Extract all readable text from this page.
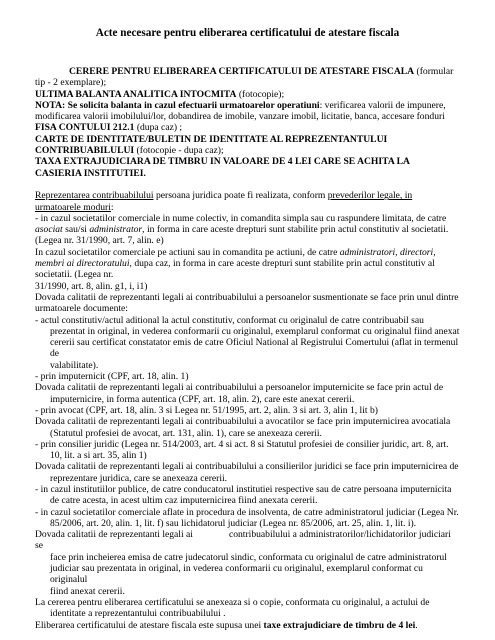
Acte necesare pentru eliberarea certificatului de atestare fiscala

CERERE PENTRU ELIBERAREA CERTIFICATULUI DE ATESTARE FISCALA (formular

tip - 2 exemplare);

ULTIMA BALANTA ANALITICA INTOCMITA (fotocopie);

NOTA: Se solicita balanta in cazul efectuarii urmatoarelor operatiuni: verificarea valorii de impunere,

modificarea valorii imobilului/lor, dobandirea de imobile, vanzare imobil, licitatie, banca, accesare fonduri

FISA CONTULUI 212.1 (dupa caz) ;

CARTE DE IDENTITATE/BULETIN DE IDENTITATE AL REPREZENTANTULUI

CONTRIBUABILULUI (fotocopie - dupa caz);

TAXA EXTRAJUDICIARA DE TIMBRU IN VALOARE DE 4 LEI CARE SE ACHITA LA

CASIERIA INSTITUTIEI.

Reprezentarea contribuabilului persoana juridica poate fi realizata, conform prevederilor legale, in

urmatoarele moduri:

- in cazul societatilor comerciale in nume colectiv, in comandita simpla sau cu raspundere limitata, de catre

asociat sau/si administrator, in forma in care aceste drepturi sunt stabilite prin actul constitutiv al societatii.

(Legea nr. 31/1990, art. 7, alin. e)

In cazul societatilor comerciale pe actiuni sau in comandita pe actiuni, de catre administratori, directori,

membri ai directoratului, dupa caz, in forma in care aceste drepturi sunt stabilite prin actul constitutiv al societatii. (Legea nr.

31/1990, art. 8, alin. g1, i, i1)

Dovada calitatii de reprezentanti legali ai contribuabilului a persoanelor susmentionate se face prin unul dintre

urmatoarele documente:

- actul constitutiv/actul aditional la actul constitutiv, conformat cu originalul de catre contribuabil sau

prezentat in original, in vederea conformarii cu originalul, exemplarul conformat cu originalul fiind anexat

cererii sau certificat constatator emis de catre Oficiul National al Registrului Comertului (aflat in termenul de

valabilitate).

- prin imputernicit (CPF, art. 18, alin. 1)

Dovada calitatii de reprezentanti legali ai contribuabilului a persoanelor imputernicite se face prin actul de

imputernicire, in forma autentica (CPF, art. 18, alin. 2), care este anexat cererii.

- prin avocat (CPF, art. 18, alin. 3 si Legea nr. 51/1995, art. 2, alin. 3 si art. 3, alin 1, lit b)

Dovada calitatii de reprezentanti legali ai contribuabilului a avocatilor se face prin imputernicirea avocatiala

(Statutul profesiei de avocat, art. 131, alin. 1), care se anexeaza cererii.

- prin consilier juridic (Legea nr. 514/2003, art. 4 si act. 8 si Statutul profesiei de consilier juridic, art. 8, art.

10, lit. a si art. 35, alin 1)

Dovada calitatii de reprezentanti legali ai contribuabilului a consilierilor juridici se face prin imputernicirea de

reprezentare juridica, care se anexeaza cererii.

- in cazul institutiilor publice, de catre conducatorul institutiei respective sau de catre persoana imputernicita

de catre acesta, in acest ultim caz imputernicirea fiind anexata cererii.

- in cazul societatilor comerciale aflate in procedura de insolventa, de catre administratorul judiciar (Legea Nr.

85/2006, art. 20, alin. 1, lit. f) sau lichidatorul judiciar (Legea nr. 85/2006, art. 25, alin. 1, lit. i).

Dovada calitatii de reprezentanti legali ai	contribuabilului a administratorilor/lichidatorilor judiciari se

face prin incheierea emisa de catre judecatorul sindic, conformata cu originalul de catre administratorul

judiciar sau prezentata in original, in vederea conformarii cu originalul, exemplarul conformat cu originalul

fiind anexat cererii.

La cererea pentru eliberarea certificatului se anexeaza si o copie, conformata cu originalul, a actului de

identitate a reprezentantului contribuabilului .

Eliberarea certificatului de atestare fiscala este supusa unei taxe extrajudiciare de timbru de 4 lei.
